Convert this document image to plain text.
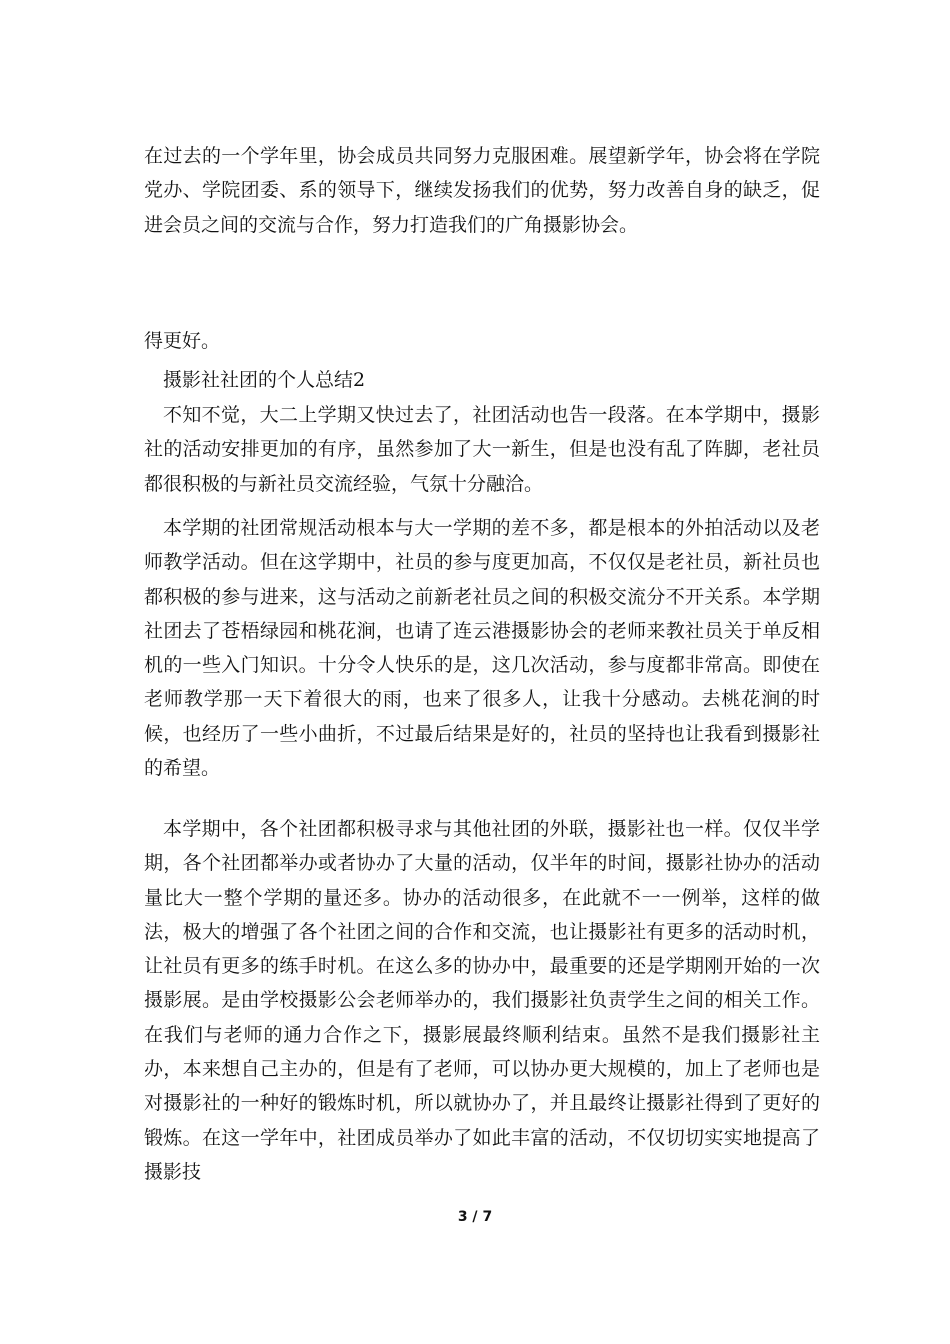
在过去的一个学年里，协会成员共同努力克服困难。展望新学年，协会将在学院党办、学院团委、系的领导下，继续发扬我们的优势，努力改善自身的缺乏，促进会员之间的交流与合作，努力打造我们的广角摄影协会。

得更好。

摄影社社团的个人总结2

不知不觉，大二上学期又快过去了，社团活动也告一段落。在本学期中，摄影社的活动安排更加的有序，虽然参加了大一新生，但是也没有乱了阵脚，老社员都很积极的与新社员交流经验，气氛十分融洽。

本学期的社团常规活动根本与大一学期的差不多，都是根本的外拍活动以及老师教学活动。但在这学期中，社员的参与度更加高，不仅仅是老社员，新社员也都积极的参与进来，这与活动之前新老社员之间的积极交流分不开关系。本学期社团去了苍梧绿园和桃花涧，也请了连云港摄影协会的老师来教社员关于单反相机的一些入门知识。十分令人快乐的是，这几次活动，参与度都非常高。即使在老师教学那一天下着很大的雨，也来了很多人，让我十分感动。去桃花涧的时候，也经历了一些小曲折，不过最后结果是好的，社员的坚持也让我看到摄影社的希望。

本学期中，各个社团都积极寻求与其他社团的外联，摄影社也一样。仅仅半学期，各个社团都举办或者协办了大量的活动，仅半年的时间，摄影社协办的活动量比大一整个学期的量还多。协办的活动很多，在此就不一一例举，这样的做法，极大的增强了各个社团之间的合作和交流，也让摄影社有更多的活动时机，让社员有更多的练手时机。在这么多的协办中，最重要的还是学期刚开始的一次摄影展。是由学校摄影公会老师举办的，我们摄影社负责学生之间的相关工作。在我们与老师的通力合作之下，摄影展最终顺利结束。虽然不是我们摄影社主办，本来想自己主办的，但是有了老师，可以协办更大规模的，加上了老师也是对摄影社的一种好的锻炼时机，所以就协办了，并且最终让摄影社得到了更好的锻炼。在这一学年中，社团成员举办了如此丰富的活动，不仅切切实实地提高了摄影技

3 / 7
